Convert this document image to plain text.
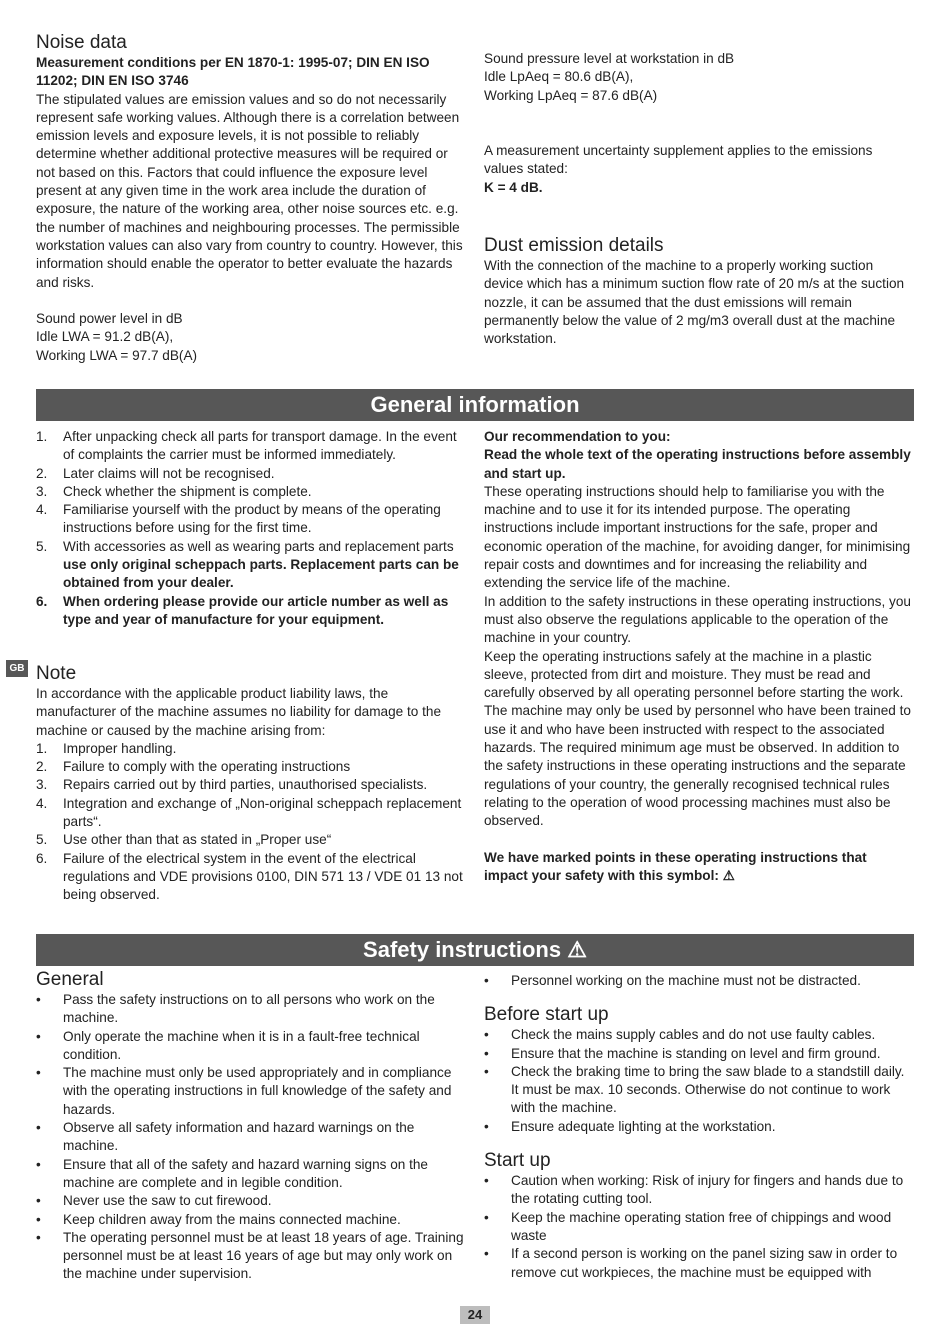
Noise data
Measurement conditions per EN 1870-1: 1995-07; DIN EN ISO 11202; DIN EN ISO 3746
The stipulated values are emission values and so do not necessarily represent safe working values. Although there is a correlation between emission levels and exposure levels, it is not possible to reliably determine whether additional protective measures will be required or not based on this. Factors that could influence the exposure level present at any given time in the work area include the duration of exposure, the nature of the working area, other noise sources etc. e.g. the number of machines and neighbouring processes. The permissible workstation values can also vary from country to country. However, this information should enable the operator to better evaluate the hazards and risks.
Sound power level in dB
Idle LWA = 91.2 dB(A),
Working LWA = 97.7 dB(A)
Sound pressure level at workstation in dB
Idle LpAeq = 80.6 dB(A),
Working LpAeq = 87.6 dB(A)
A measurement uncertainty supplement applies to the emissions values stated:
K = 4 dB.
Dust emission details
With the connection of the machine to a properly working suction device which has a minimum suction flow rate of 20 m/s at the suction nozzle, it can be assumed that the dust emissions will remain permanently below the value of 2 mg/m3 overall dust at the machine workstation.
General information
1. After unpacking check all parts for transport damage. In the event of complaints the carrier must be informed immediately.
2. Later claims will not be recognised.
3. Check whether the shipment is complete.
4. Familiarise yourself with the product by means of the operating instructions before using for the first time.
5. With accessories as well as wearing parts and replacement parts use only original scheppach parts. Replacement parts can be obtained from your dealer.
6. When ordering please provide our article number as well as type and year of manufacture for your equipment.
GB Note
In accordance with the applicable product liability laws, the manufacturer of the machine assumes no liability for damage to the machine or caused by the machine arising from:
1. Improper handling.
2. Failure to comply with the operating instructions
3. Repairs carried out by third parties, unauthorised specialists.
4. Integration and exchange of „Non-original scheppach replacement parts“.
5. Use other than that as stated in „Proper use“
6. Failure of the electrical system in the event of the electrical regulations and VDE provisions 0100, DIN 571 13 / VDE 01 13 not being observed.
Our recommendation to you:
Read the whole text of the operating instructions before assembly and start up.
These operating instructions should help to familiarise you with the machine and to use it for its intended purpose. The operating instructions include important instructions for the safe, proper and economic operation of the machine, for avoiding danger, for minimising repair costs and downtimes and for increasing the reliability and extending the service life of the machine.
In addition to the safety instructions in these operating instructions, you must also observe the regulations applicable to the operation of the machine in your country.
Keep the operating instructions safely at the machine in a plastic sleeve, protected from dirt and moisture. They must be read and carefully observed by all operating personnel before starting the work. The machine may only be used by personnel who have been trained to use it and who have been instructed with respect to the associated hazards. The required minimum age must be observed. In addition to the safety instructions in these operating instructions and the separate regulations of your country, the generally recognised technical rules relating to the operation of wood processing machines must also be observed.
We have marked points in these operating instructions that impact your safety with this symbol: ⚠
Safety instructions ⚠
General
• Pass the safety instructions on to all persons who work on the machine.
• Only operate the machine when it is in a fault-free technical condition.
• The machine must only be used appropriately and in compliance with the operating instructions in full knowledge of the safety and hazards.
• Observe all safety information and hazard warnings on the machine.
• Ensure that all of the safety and hazard warning signs on the machine are complete and in legible condition.
• Never use the saw to cut firewood.
• Keep children away from the mains connected machine.
• The operating personnel must be at least 18 years of age. Training personnel must be at least 16 years of age but may only work on the machine under supervision.
• Personnel working on the machine must not be distracted.
Before start up
• Check the mains supply cables and do not use faulty cables.
• Ensure that the machine is standing on level and firm ground.
• Check the braking time to bring the saw blade to a standstill daily. It must be max. 10 seconds. Otherwise do not continue to work with the machine.
• Ensure adequate lighting at the workstation.
Start up
• Caution when working: Risk of injury for fingers and hands due to the rotating cutting tool.
• Keep the machine operating station free of chippings and wood waste
• If a second person is working on the panel sizing saw in order to remove cut workpieces, the machine must be equipped with
24
